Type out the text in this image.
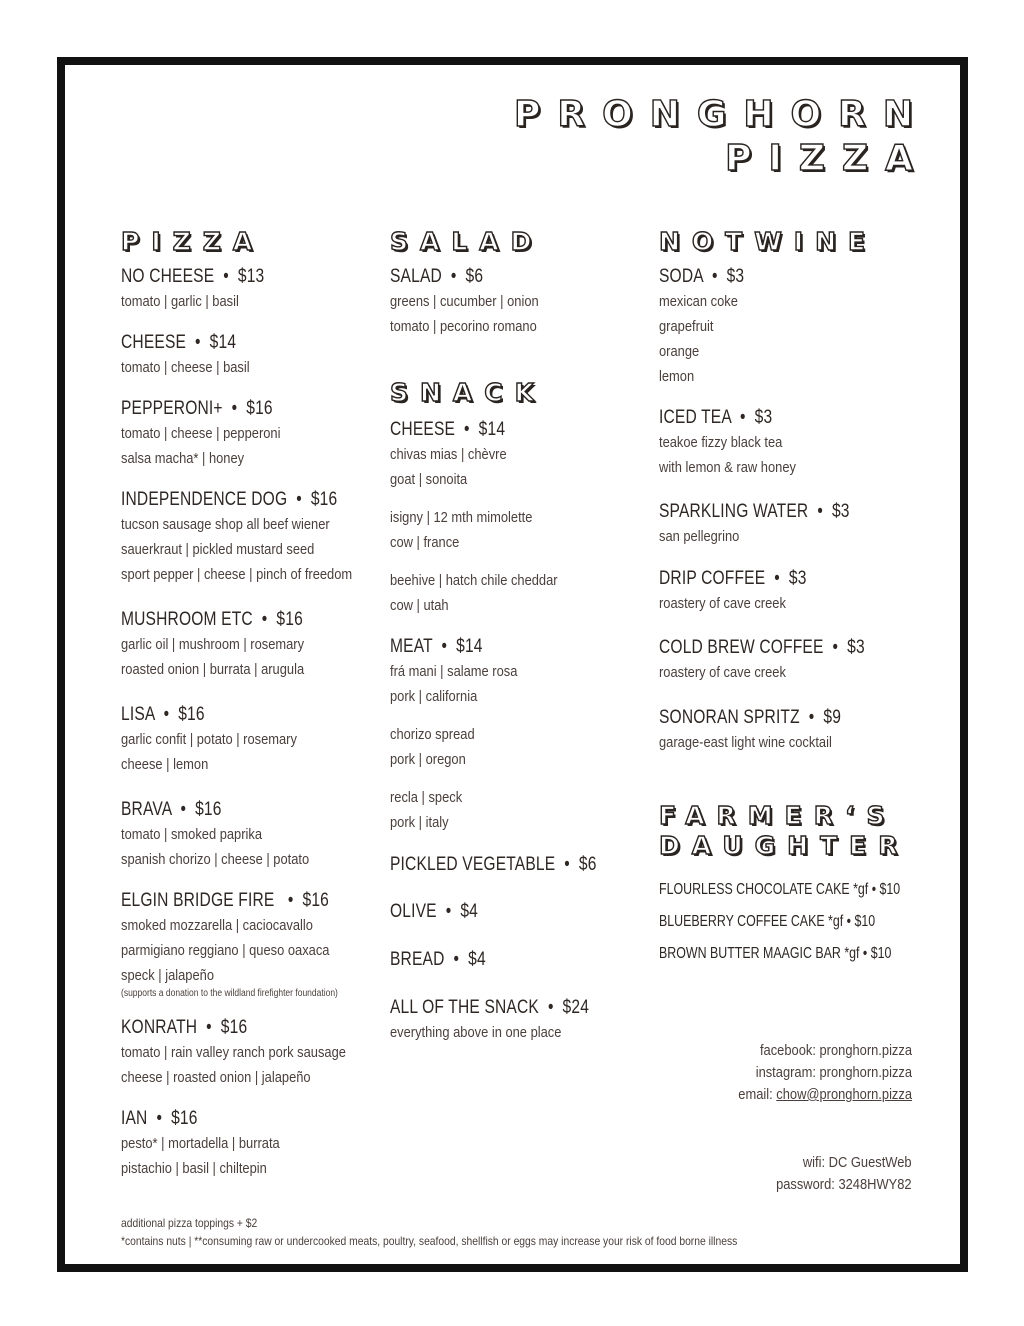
PRONGHORN
PIZZA
PIZZA
NO CHEESE • $13
tomato | garlic | basil
CHEESE • $14
tomato | cheese | basil
PEPPERONI+ • $16
tomato | cheese | pepperoni
salsa macha* | honey
INDEPENDENCE DOG • $16
tucson sausage shop all beef wiener
sauerkraut | pickled mustard seed
sport pepper | cheese | pinch of freedom
MUSHROOM ETC • $16
garlic oil | mushroom | rosemary
roasted onion | burrata | arugula
LISA • $16
garlic confit | potato | rosemary
cheese | lemon
BRAVA • $16
tomato | smoked paprika
spanish chorizo | cheese | potato
ELGIN BRIDGE FIRE • $16
smoked mozzarella | caciocavallo
parmigiano reggiano | queso oaxaca
speck | jalapeño
(supports a donation to the wildland firefighter foundation)
KONRATH • $16
tomato | rain valley ranch pork sausage
cheese | roasted onion | jalapeño
IAN • $16
pesto* | mortadella | burrata
pistachio | basil | chiltepin
SALAD
SALAD • $6
greens | cucumber | onion
tomato | pecorino romano
SNACK
CHEESE • $14
chivas mias | chèvre
goat | sonoita
isigny | 12 mth mimolette
cow | france
beehive | hatch chile cheddar
cow | utah
MEAT • $14
frá mani | salame rosa
pork | california
chorizo spread
pork | oregon
recla | speck
pork | italy
PICKLED VEGETABLE • $6
OLIVE • $4
BREAD • $4
ALL OF THE SNACK • $24
everything above in one place
NOTWINE
SODA • $3
mexican coke
grapefruit
orange
lemon
ICED TEA • $3
teakoe fizzy black tea
with lemon & raw honey
SPARKLING WATER • $3
san pellegrino
DRIP COFFEE • $3
roastery of cave creek
COLD BREW COFFEE • $3
roastery of cave creek
SONORAN SPRITZ • $9
garage-east light wine cocktail
FARMER‘S
DAUGHTER
FLOURLESS CHOCOLATE CAKE *gf • $10
BLUEBERRY COFFEE CAKE *gf • $10
BROWN BUTTER MAAGIC BAR *gf • $10
facebook: pronghorn.pizza
instagram: pronghorn.pizza
email: chow@pronghorn.pizza
wifi: DC GuestWeb
password: 3248HWY82
additional pizza toppings + $2
*contains nuts | **consuming raw or undercooked meats, poultry, seafood, shellfish or eggs may increase your risk of food borne illness
